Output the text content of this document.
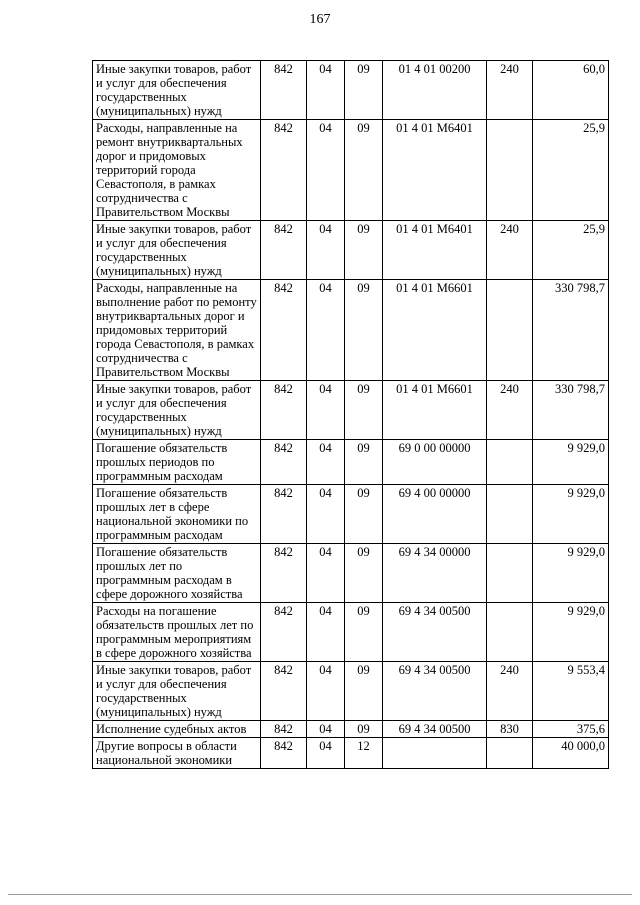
167
Иные закупки товаров, работ и услуг для обеспечения государственных (муниципальных) нужд	842	04	09	01 4 01 00200	240	60,0
Расходы, направленные на ремонт внутриквартальных дорог и придомовых территорий города Севастополя, в рамках сотрудничества с Правительством Москвы	842	04	09	01 4 01 М6401		25,9
Иные закупки товаров, работ и услуг для обеспечения государственных (муниципальных) нужд	842	04	09	01 4 01 М6401	240	25,9
Расходы, направленные на выполнение работ по ремонту внутриквартальных дорог и придомовых территорий города Севастополя, в рамках сотрудничества с Правительством Москвы	842	04	09	01 4 01 М6601		330 798,7
Иные закупки товаров, работ и услуг для обеспечения государственных (муниципальных) нужд	842	04	09	01 4 01 М6601	240	330 798,7
Погашение обязательств прошлых периодов по программным расходам	842	04	09	69 0 00 00000		9 929,0
Погашение обязательств прошлых лет в сфере национальной экономики по программным расходам	842	04	09	69 4 00 00000		9 929,0
Погашение обязательств прошлых лет по программным расходам в сфере дорожного хозяйства	842	04	09	69 4 34 00000		9 929,0
Расходы на погашение обязательств прошлых лет по программным мероприятиям в сфере дорожного хозяйства	842	04	09	69 4 34 00500		9 929,0
Иные закупки товаров, работ и услуг для обеспечения государственных (муниципальных) нужд	842	04	09	69 4 34 00500	240	9 553,4
Исполнение судебных актов	842	04	09	69 4 34 00500	830	375,6
Другие вопросы в области национальной экономики	842	04	12			40 000,0
